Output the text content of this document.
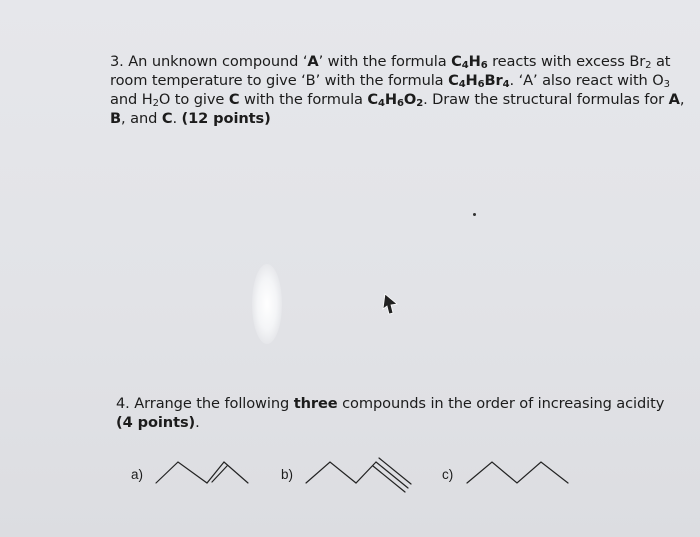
3. An unknown compound ‘A’ with the formula $C_4H_6$ reacts with excess $Br_2$ at room temperature to give ‘B’ with the formula $C_4H_6Br_4$. ‘A’ also react with $O_3$ and $H_2O$ to give C with the formula $C_4H_6O_2$. Draw the structural formulas for A, B, and C. (12 points)
4. Arrange the following three compounds in the order of increasing acidity
(4 points).
a)	b)	c)
